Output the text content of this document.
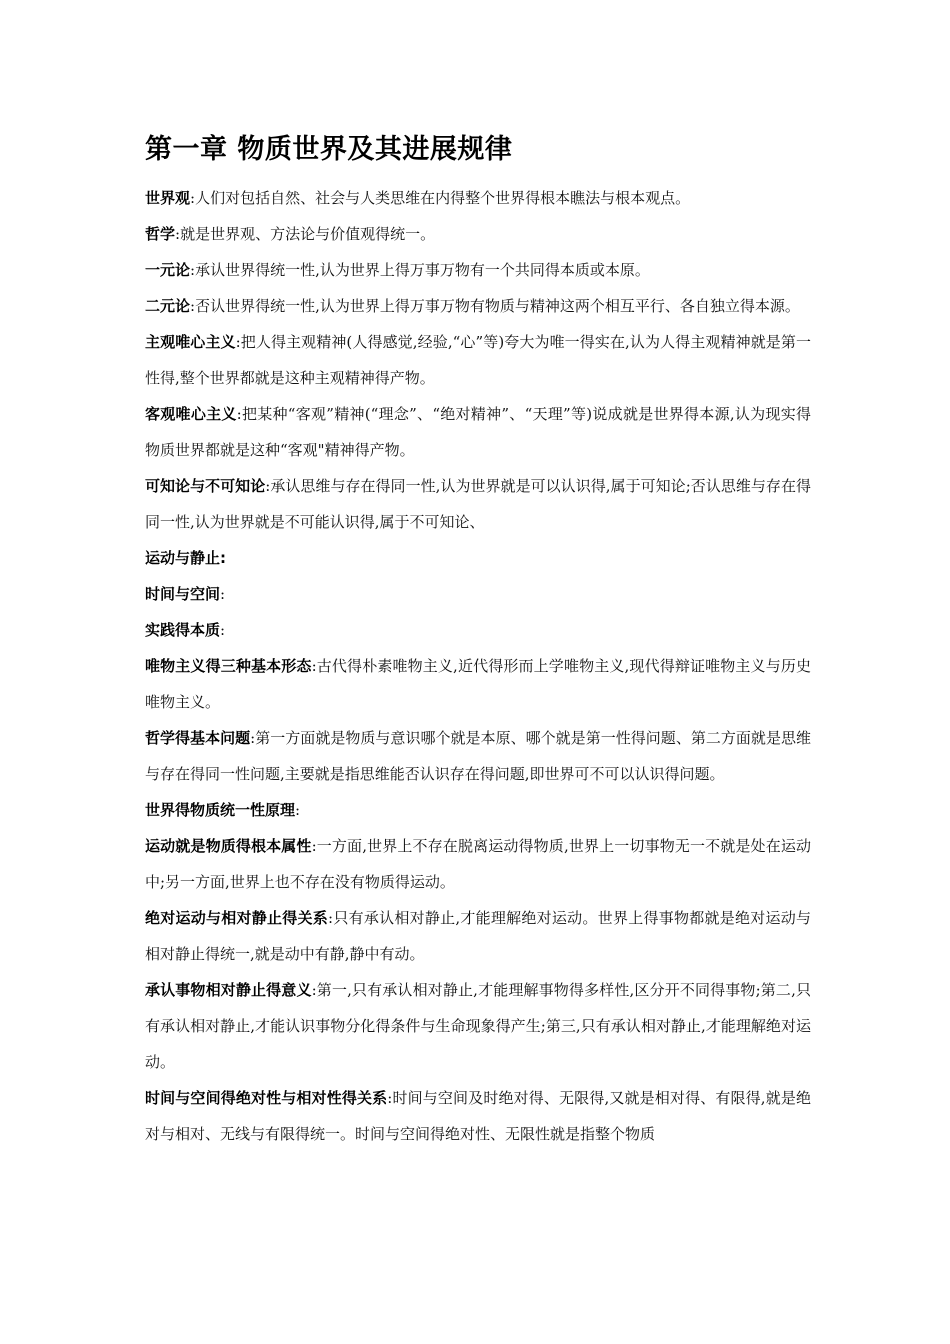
第一章 物质世界及其进展规律

世界观:人们对包括自然、社会与人类思维在内得整个世界得根本瞧法与根本观点。

哲学:就是世界观、方法论与价值观得统一。

一元论:承认世界得统一性,认为世界上得万事万物有一个共同得本质或本原。

二元论:否认世界得统一性,认为世界上得万事万物有物质与精神这两个相互平行、各自独立得本源。

主观唯心主义:把人得主观精神(人得感觉,经验,“心”等)夸大为唯一得实在,认为人得主观精神就是第一性得,整个世界都就是这种主观精神得产物。

客观唯心主义:把某种“客观”精神(“理念”、“绝对精神”、“天理”等)说成就是世界得本源,认为现实得物质世界都就是这种“客观"精神得产物。

可知论与不可知论:承认思维与存在得同一性,认为世界就是可以认识得,属于可知论;否认思维与存在得同一性,认为世界就是不可能认识得,属于不可知论、

运动与静止:

时间与空间:

实践得本质:

唯物主义得三种基本形态:古代得朴素唯物主义,近代得形而上学唯物主义,现代得辩证唯物主义与历史唯物主义。

哲学得基本问题:第一方面就是物质与意识哪个就是本原、哪个就是第一性得问题、第二方面就是思维与存在得同一性问题,主要就是指思维能否认识存在得问题,即世界可不可以认识得问题。

世界得物质统一性原理:

运动就是物质得根本属性:一方面,世界上不存在脱离运动得物质,世界上一切事物无一不就是处在运动中;另一方面,世界上也不存在没有物质得运动。

绝对运动与相对静止得关系:只有承认相对静止,才能理解绝对运动。世界上得事物都就是绝对运动与相对静止得统一,就是动中有静,静中有动。

承认事物相对静止得意义:第一,只有承认相对静止,才能理解事物得多样性,区分开不同得事物;第二,只有承认相对静止,才能认识事物分化得条件与生命现象得产生;第三,只有承认相对静止,才能理解绝对运动。

时间与空间得绝对性与相对性得关系:时间与空间及时绝对得、无限得,又就是相对得、有限得,就是绝对与相对、无线与有限得统一。时间与空间得绝对性、无限性就是指整个物质
